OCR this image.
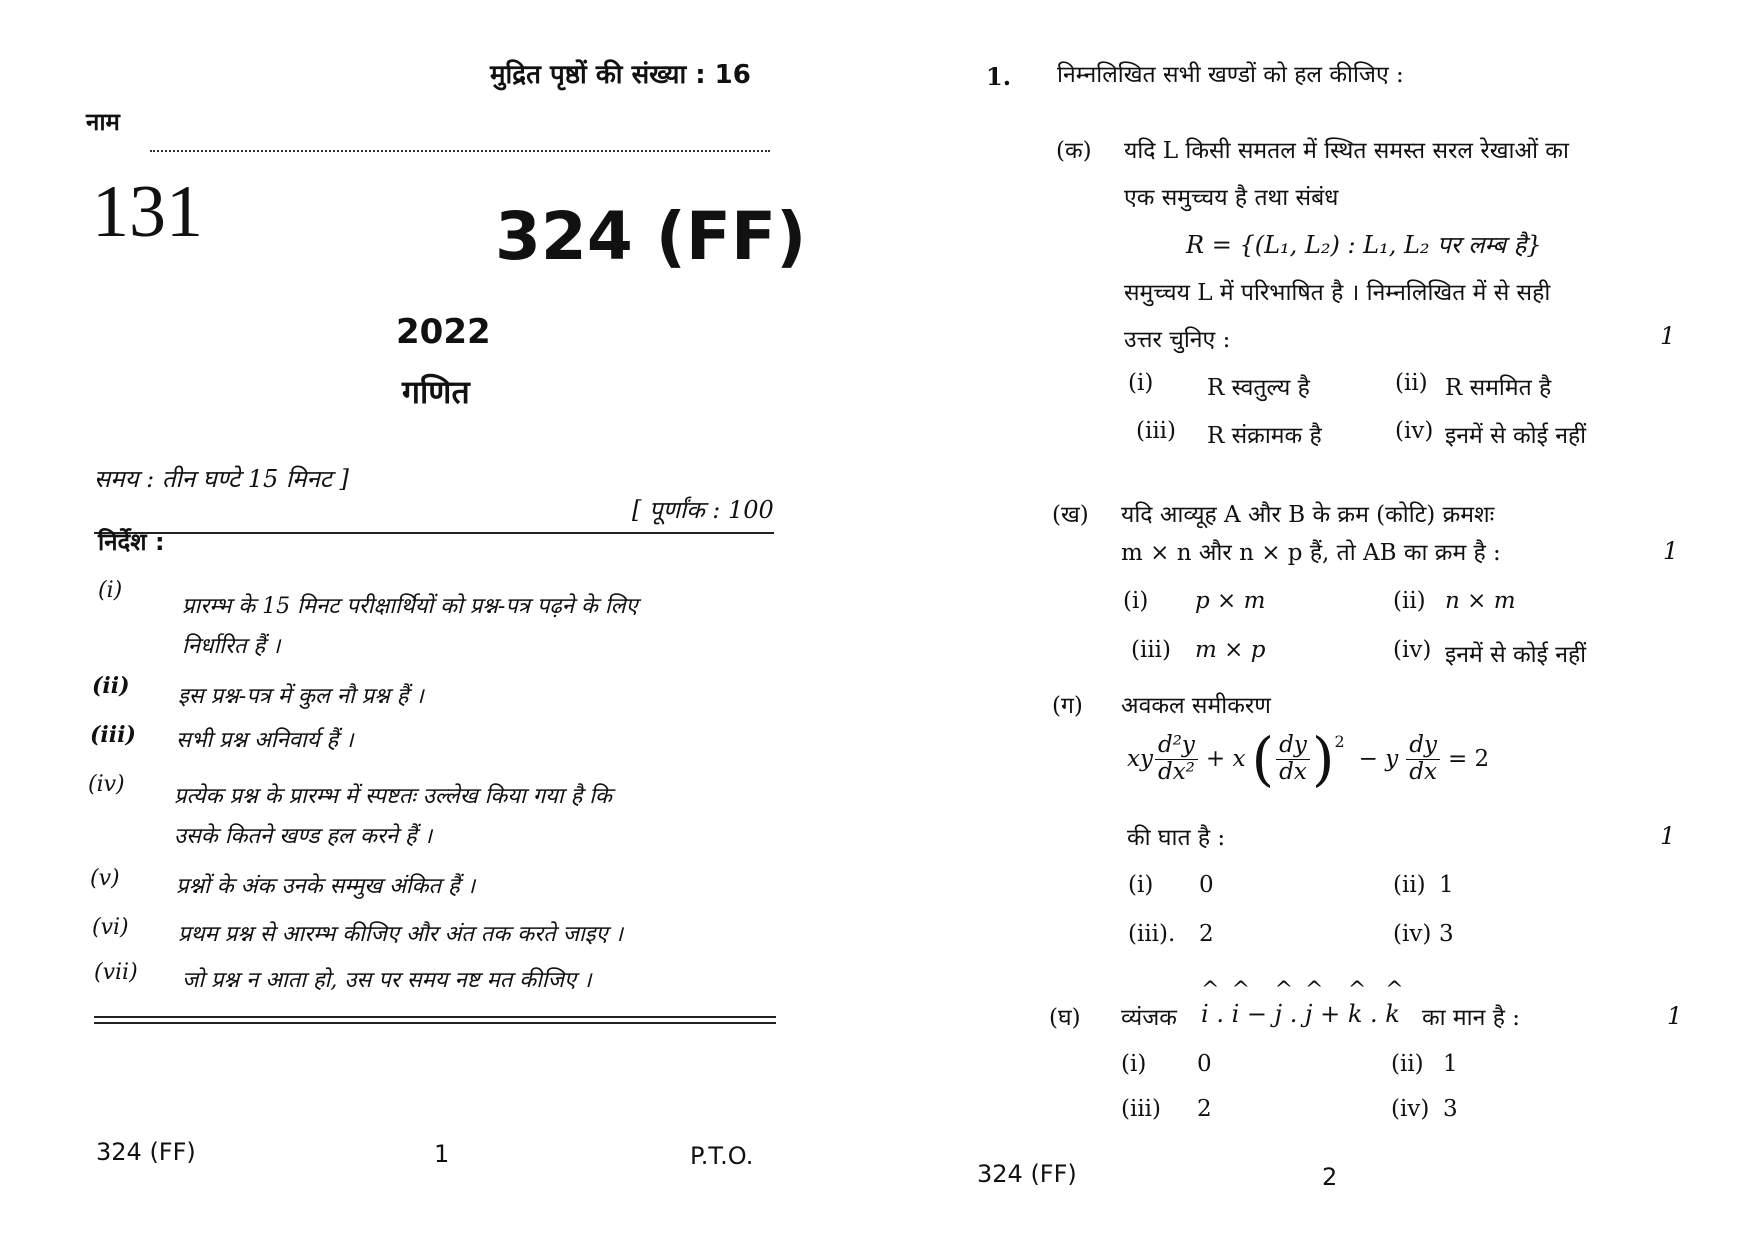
मुद्रित पृष्ठों की संख्या : 16
नाम
131	324 (FF)
2022
गणित
समय : तीन घण्टे 15 मिनट ]
[ पूर्णांक : 100
निर्देश :
(i)
प्रारम्भ के 15 मिनट परीक्षार्थियों को प्रश्न-पत्र पढ़ने के लिए
निर्धारित हैं ।
(ii) इस प्रश्न-पत्र में कुल नौ प्रश्न हैं ।
(iii) सभी प्रश्न अनिवार्य हैं ।
(iv) प्रत्येक प्रश्न के प्रारम्भ में स्पष्टतः उल्लेख किया गया है कि
उसके कितने खण्ड हल करने हैं ।
(v)	प्रश्नों के अंक उनके सम्मुख अंकित हैं ।
(vi) प्रथम प्रश्न से आरम्भ कीजिए और अंत तक करते जाइए ।
(vii) जो प्रश्न न आता हो, उस पर समय नष्ट मत कीजिए ।
324 (FF)	1	P.T.O.
1. निम्नलिखित सभी खण्डों को हल कीजिए :
(क) यदि L किसी समतल में स्थित समस्त सरल रेखाओं का
एक समुच्चय है तथा संबंध
R = {(L₁, L₂) : L₁, L₂ पर लम्ब है}
समुच्चय L में परिभाषित है । निम्नलिखित में से सही
उत्तर चुनिए :	1
(i) R स्वतुल्य है	(ii) R सममित है
(iii) R संक्रामक है	(iv) इनमें से कोई नहीं
(ख) यदि आव्यूह A और B के क्रम (कोटि) क्रमशः
m × n और n × p हैं, तो AB का क्रम है :	1
(i) p × m	(ii) n × m
(iii) m × p	(iv) इनमें से कोई नहीं
(ग) अवकल समीकरण
xy $\frac{\text{d²y}}{\text{dx²}} + x$ ( $\frac{dy}{dx}$ ) 2
− y $\frac{dy}{dx} = 2$
की घात है :	1
(i) 0	(ii) 1
(iii). 2	(iv) 3
(घ) व्यंजक ^ i . ^ i − ^ j . ^ j + ^ k . ^ k का मान है :	1
(i) 0	(ii) 1
(iii) 2	(iv) 3
324 (FF)	2
